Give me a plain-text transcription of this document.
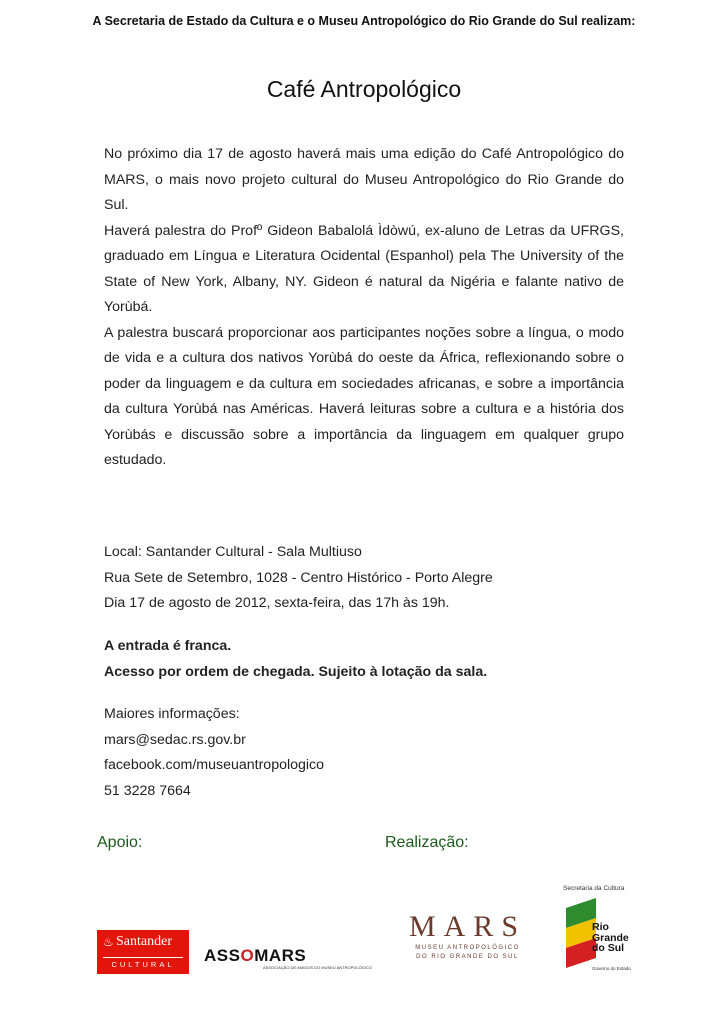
A Secretaria de Estado da Cultura e o Museu Antropológico do Rio Grande do Sul realizam:
Café Antropológico

No próximo dia 17 de agosto haverá mais uma edição do Café Antropológico do MARS, o mais novo projeto cultural do Museu Antropológico do Rio Grande do Sul.

Haverá palestra do Profº Gideon Babalolá Ìdòwú, ex-aluno de Letras da UFRGS, graduado em Língua e Literatura Ocidental (Espanhol) pela The University of the State of New York, Albany, NY. Gideon é natural da Nigéria e falante nativo de Yorùbá.

A palestra buscará proporcionar aos participantes noções sobre a língua, o modo de vida e a cultura dos nativos Yorùbá do oeste da África, reflexionando sobre o poder da linguagem e da cultura em sociedades africanas, e sobre a importância da cultura Yorùbá nas Américas. Haverá leituras sobre a cultura e a história dos Yorùbás e discussão sobre a importância da linguagem em qualquer grupo estudado.

Local: Santander Cultural - Sala Multiuso
Rua Sete de Setembro, 1028 - Centro Histórico - Porto Alegre
Dia 17 de agosto de 2012, sexta-feira, das 17h às 19h.
A entrada é franca.
Acesso por ordem de chegada. Sujeito à lotação da sala.
Maiores informações:
mars@sedac.rs.gov.br
facebook.com/museuantropologico
51 3228 7664
Apoio:	Realização:
♨ Santander
CULTURAL	ASSOMARS
ASSOCIAÇÃO DE AMIGOS DO MUSEU ANTROPOLÓGICO
MARS
MUSEU ANTROPOLÓGICO
DO RIO GRANDE DO SUL
Secretaria da Cultura
Rio
Grande
do Sul
Governo do Estado
